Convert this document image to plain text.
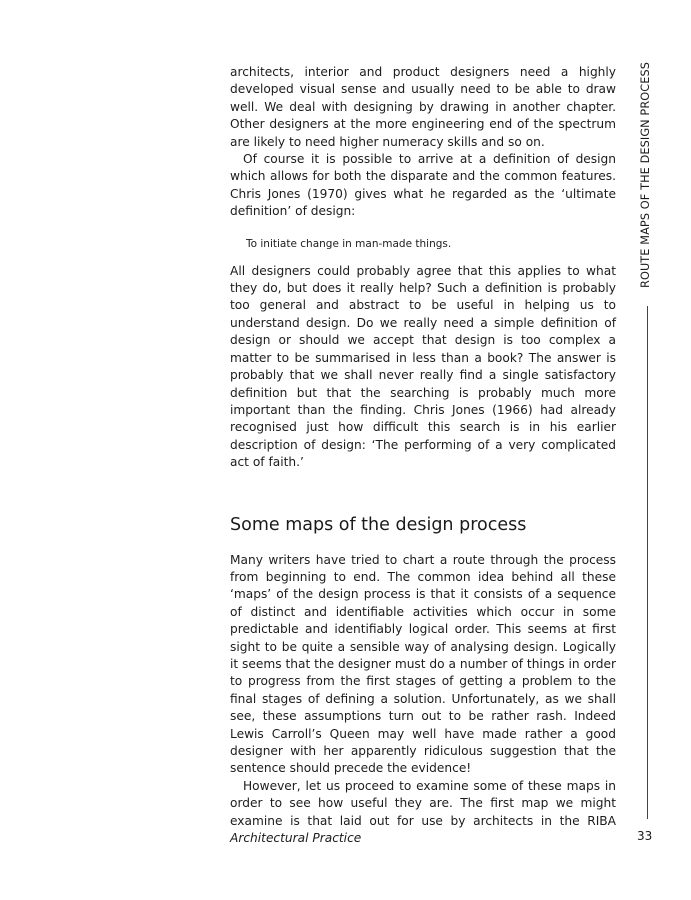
architects, interior and product designers need a highly developed visual sense and usually need to be able to draw well. We deal with designing by drawing in another chapter. Other designers at the more engineering end of the spectrum are likely to need higher numeracy skills and so on.

Of course it is possible to arrive at a definition of design which allows for both the disparate and the common features. Chris Jones (1970) gives what he regarded as the ‘ultimate definition’ of design:

To initiate change in man-made things.

All designers could probably agree that this applies to what they do, but does it really help? Such a definition is probably too general and abstract to be useful in helping us to understand design. Do we really need a simple definition of design or should we accept that design is too complex a matter to be summarised in less than a book? The answer is probably that we shall never really find a single satisfactory definition but that the searching is probably much more important than the finding. Chris Jones (1966) had already recognised just how difficult this search is in his earlier description of design: ‘The performing of a very complicated act of faith.’

Some maps of the design process

Many writers have tried to chart a route through the process from beginning to end. The common idea behind all these ‘maps’ of the design process is that it consists of a sequence of distinct and identifiable activities which occur in some predictable and identifiably logical order. This seems at first sight to be quite a sensible way of analysing design. Logically it seems that the designer must do a number of things in order to progress from the first stages of getting a problem to the final stages of defining a solution. Unfortunately, as we shall see, these assumptions turn out to be rather rash. Indeed Lewis Carroll’s Queen may well have made rather a good designer with her apparently ridiculous suggestion that the sentence should precede the evidence!

However, let us proceed to examine some of these maps in order to see how useful they are. The first map we might examine is that laid out for use by architects in the RIBA Architectural Practice

ROUTE MAPS OF THE DESIGN PROCESS
33
